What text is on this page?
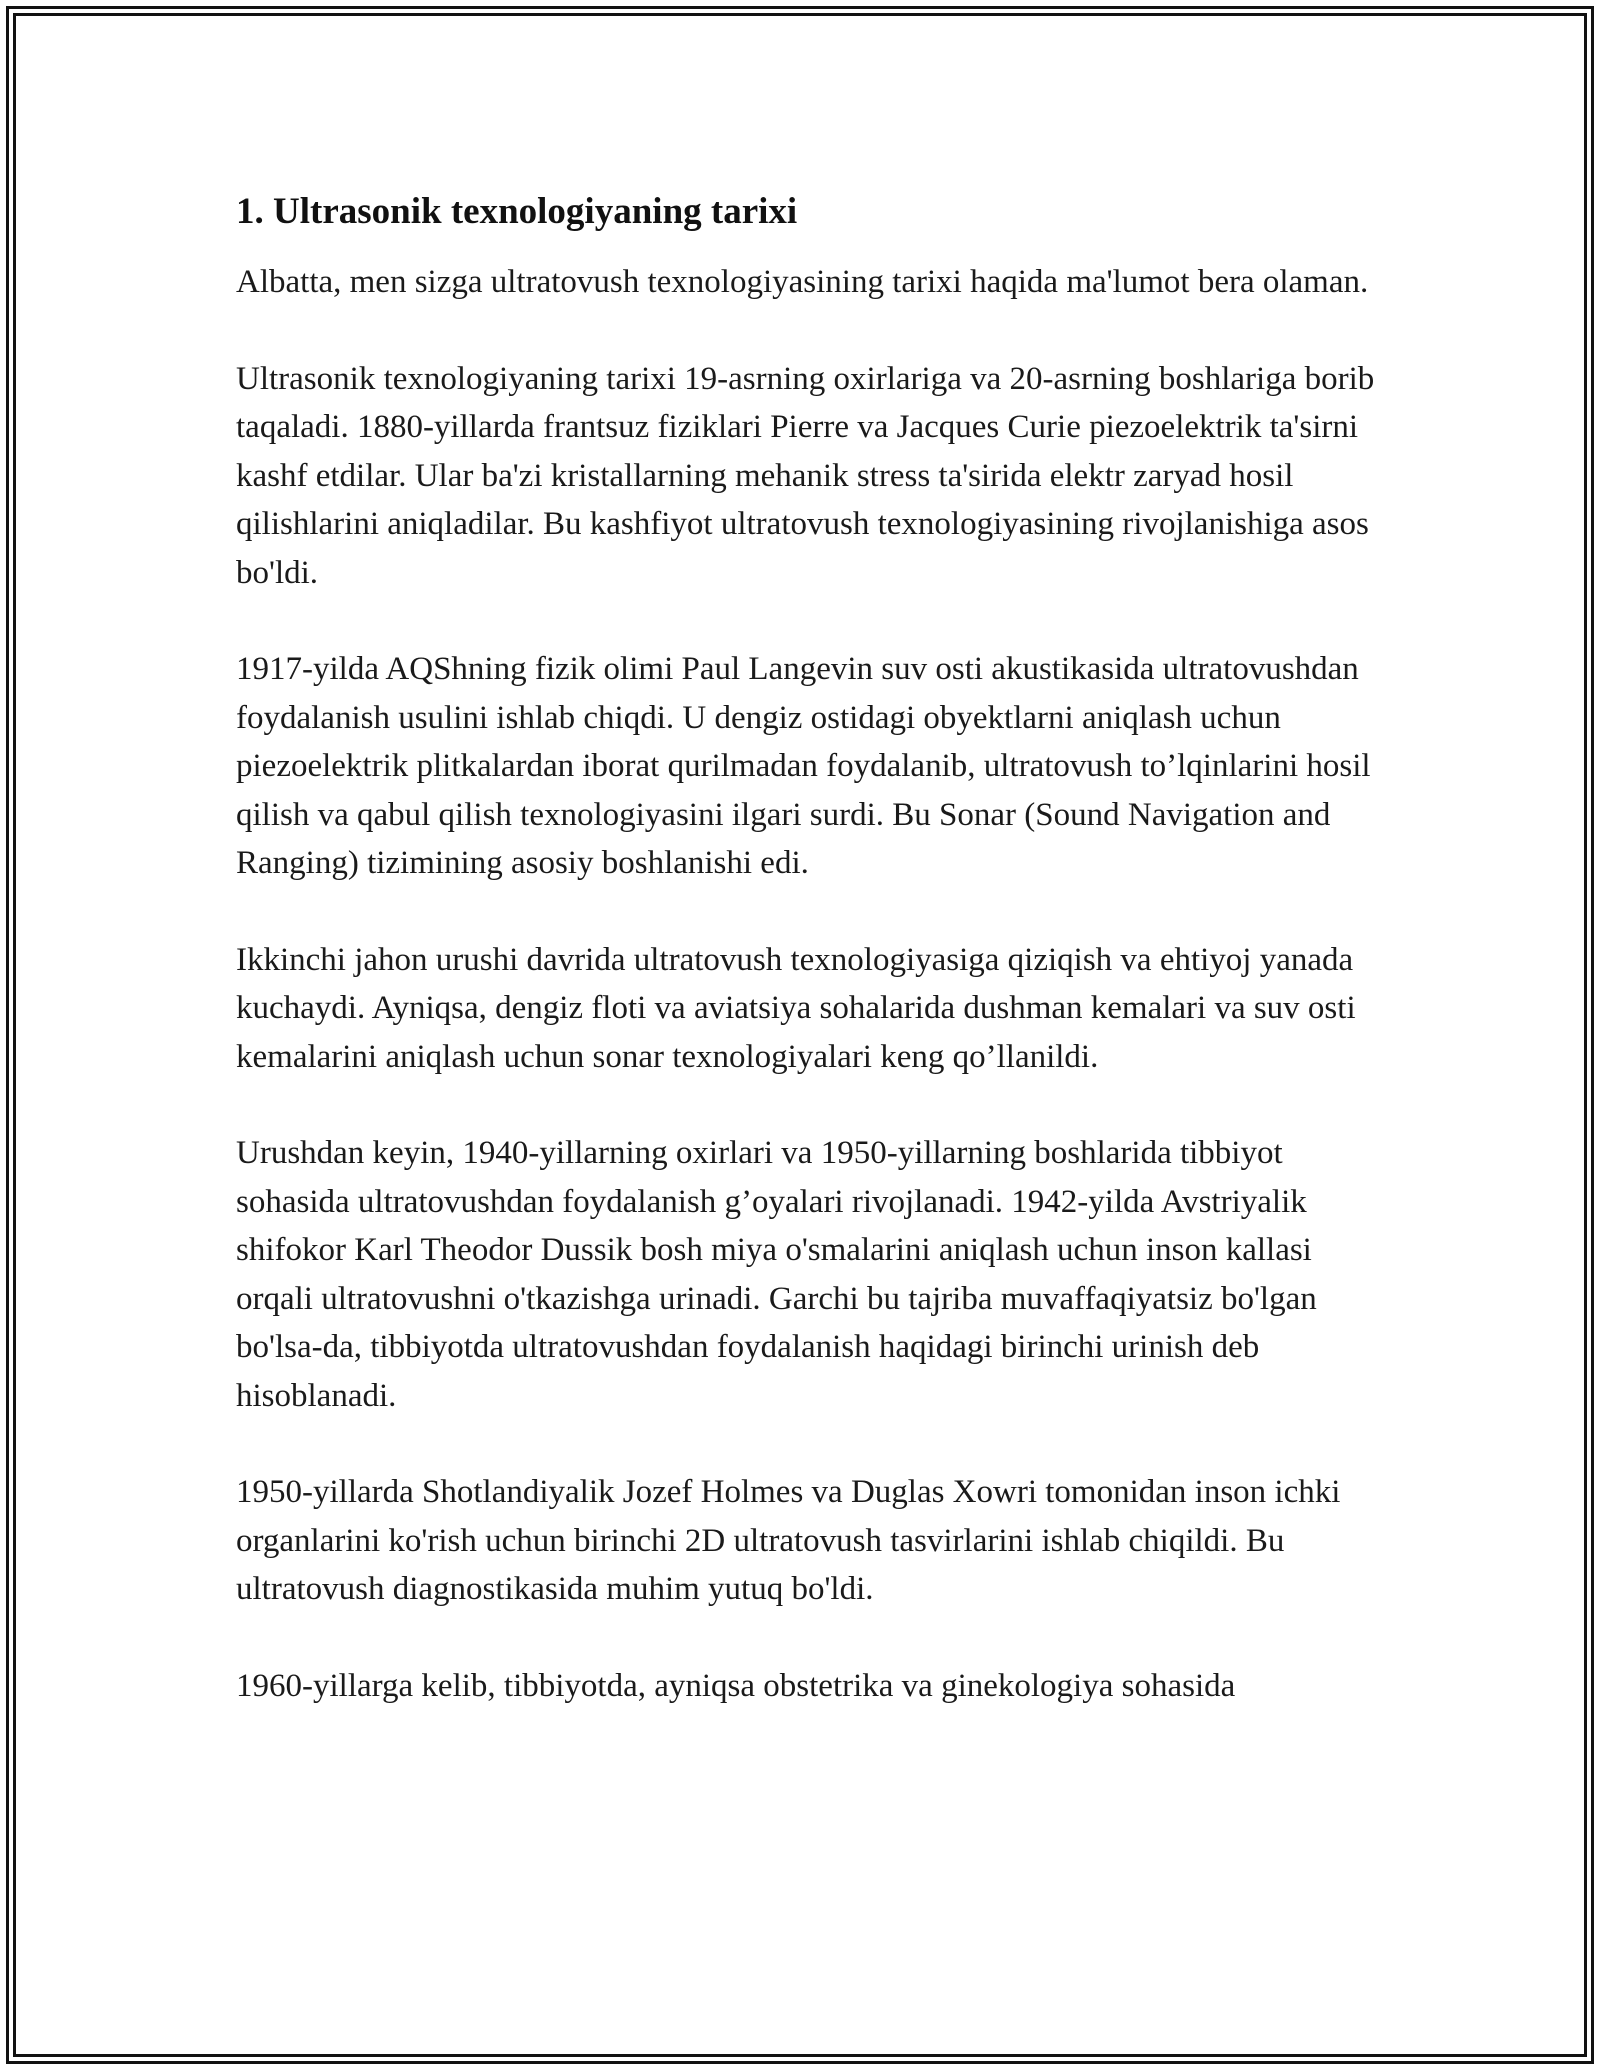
1. Ultrasonik texnologiyaning tarixi

Albatta, men sizga ultratovush texnologiyasining tarixi haqida ma'lumot bera olaman.

Ultrasonik texnologiyaning tarixi 19-asrning oxirlariga va 20-asrning boshlariga borib taqaladi. 1880-yillarda frantsuz fiziklari Pierre va Jacques Curie piezoelektrik ta'sirni kashf etdilar. Ular ba'zi kristallarning mehanik stress ta'sirida elektr zaryad hosil qilishlarini aniqladilar. Bu kashfiyot ultratovush texnologiyasining rivojlanishiga asos bo'ldi.

1917-yilda AQShning fizik olimi Paul Langevin suv osti akustikasida ultratovushdan foydalanish usulini ishlab chiqdi. U dengiz ostidagi obyektlarni aniqlash uchun piezoelektrik plitkalardan iborat qurilmadan foydalanib, ultratovush to’lqinlarini hosil qilish va qabul qilish texnologiyasini ilgari surdi. Bu Sonar (Sound Navigation and Ranging) tizimining asosiy boshlanishi edi.

Ikkinchi jahon urushi davrida ultratovush texnologiyasiga qiziqish va ehtiyoj yanada kuchaydi. Ayniqsa, dengiz floti va aviatsiya sohalarida dushman kemalari va suv osti kemalarini aniqlash uchun sonar texnologiyalari keng qo’llanildi.

Urushdan keyin, 1940-yillarning oxirlari va 1950-yillarning boshlarida tibbiyot sohasida ultratovushdan foydalanish g’oyalari rivojlanadi. 1942-yilda Avstriyalik shifokor Karl Theodor Dussik bosh miya o'smalarini aniqlash uchun inson kallasi orqali ultratovushni o'tkazishga urinadi. Garchi bu tajriba muvaffaqiyatsiz bo'lgan bo'lsa-da, tibbiyotda ultratovushdan foydalanish haqidagi birinchi urinish deb hisoblanadi.

1950-yillarda Shotlandiyalik Jozef Holmes va Duglas Xowri tomonidan inson ichki organlarini ko'rish uchun birinchi 2D ultratovush tasvirlarini ishlab chiqildi. Bu ultratovush diagnostikasida muhim yutuq bo'ldi.

1960-yillarga kelib, tibbiyotda, ayniqsa obstetrika va ginekologiya sohasida
